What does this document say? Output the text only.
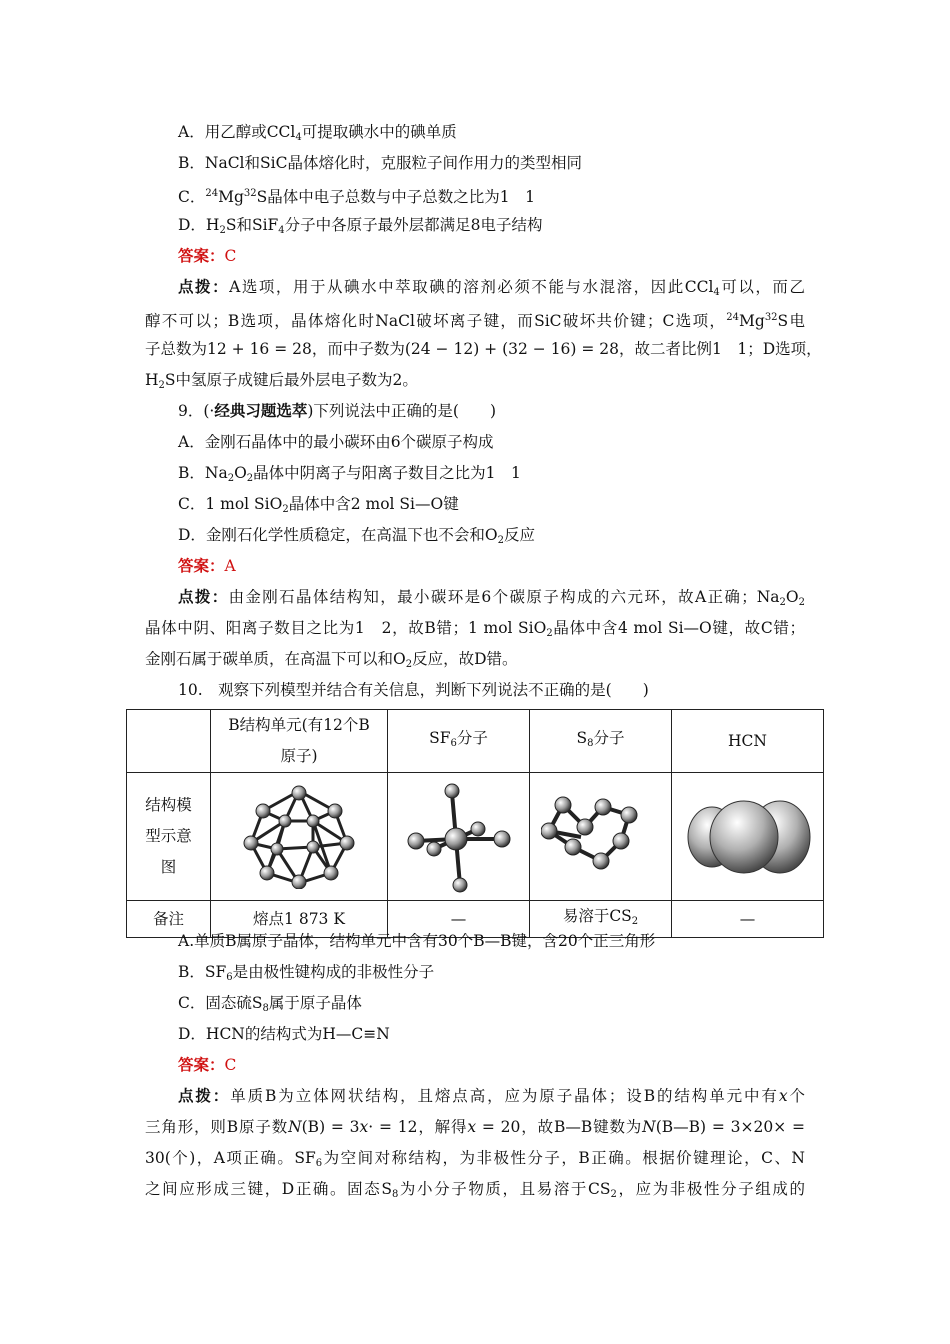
A．用乙醇或CCl$_4$可提取碘水中的碘单质
B．NaCl和SiC晶体熔化时，克服粒子间作用力的类型相同
C．$^{24}$Mg$^{32}$S晶体中电子总数与中子总数之比为1　1
D．$H_2S$和SiF$_4$分子中各原子最外层都满足8电子结构
答案：C
点拨：A选项，用于从碘水中萃取碘的溶剂必须不能与水混溶，因此CCl$_4$可以，而乙
醇不可以；B选项，晶体熔化时NaCl破坏离子键，而SiC破坏共价键；C选项，$^{24}$Mg$^{32}$S电
子总数为12 + 16 = 28，而中子数为(24 − 12) + (32 − 16) = 28，故二者比例1　1；D选项，
$H_2S$中氢原子成键后最外层电子数为2。
9．(·经典习题选萃)下列说法中正确的是(　　)
A．金刚石晶体中的最小碳环由6个碳原子构成
B．$Na_2O_2$晶体中阴离子与阳离子数目之比为1　1
C．1 mol SiO$_2$晶体中含2 mol Si—O键
D．金刚石化学性质稳定，在高温下也不会和$O_2$反应
答案：A
点拨：由金刚石晶体结构知，最小碳环是6个碳原子构成的六元环，故A正确；$Na_2O_2$
晶体中阴、阳离子数目之比为1　2，故B错；1 mol SiO$_2$晶体中含4 mol Si—O键，故C错；
金刚石属于碳单质，在高温下可以和$O_2$反应，故D错。
10.　观察下列模型并结合有关信息，判断下列说法不正确的是(　　)
	B结构单元(有12个B原子)	$SF_6$分子	$S_8$分子	HCN
结构模型示意图	

备注	熔点1 873 K	—	易溶于$CS_2$	—
A.单质B属原子晶体，结构单元中含有30个B—B键，含20个正三角形
B．$SF_6$是由极性键构成的非极性分子
C．固态硫$S_8$属于原子晶体
D．HCN的结构式为H—C≡N
答案：C
点拨：单质B为立体网状结构，且熔点高，应为原子晶体；设B的结构单元中有x个
三角形，则B原子数N(B) = 3x· = 12，解得x = 20，故B—B键数为N(B—B) = 3×20× =
30(个)，A项正确。$SF_6$为空间对称结构，为非极性分子，B正确。根据价键理论，C、N
之间应形成三键，D正确。固态$S_8$为小分子物质，且易溶于$CS_2$，应为非极性分子组成的
